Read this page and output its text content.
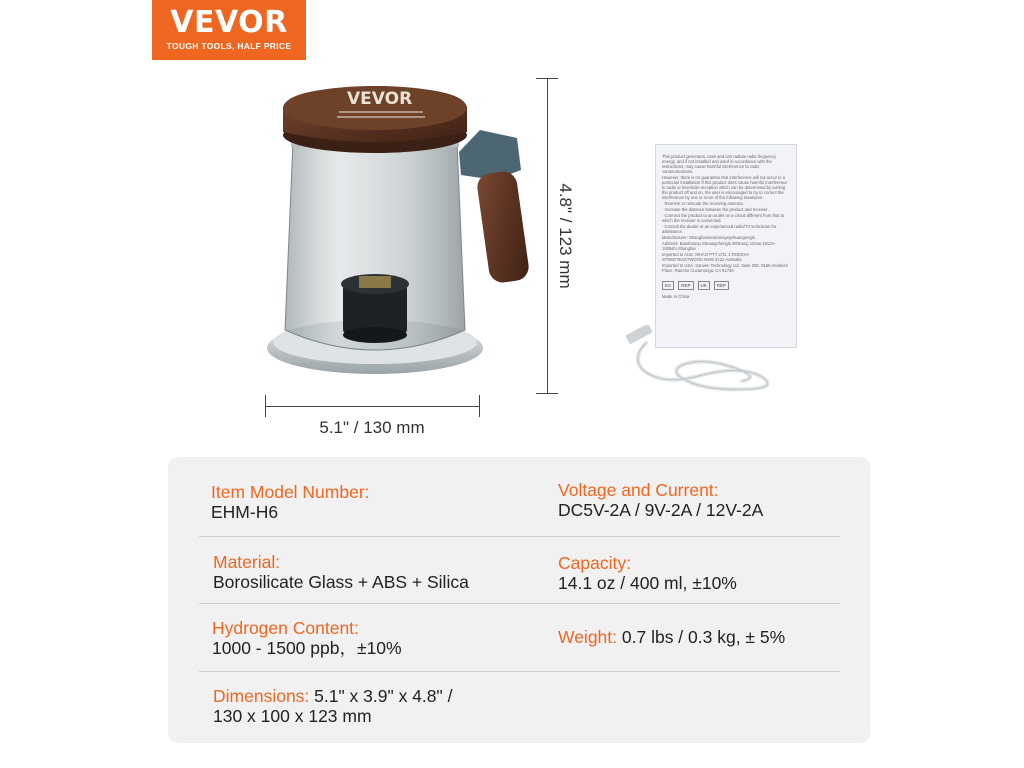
VEVOR
TOUGH TOOLS, HALF PRICE
VEVOR
5.1" / 130 mm
4.8" / 123 mm

This product generates, uses and can radiate radio frequency energy, and if not installed and used in accordance with the instructions, may cause harmful interference to radio communications.

However, there is no guarantee that interference will not occur in a particular installation If this product does cause harmful interference to radio or television reception which can be determined by turning the product off and on, the user is encouraged to try to correct the interference by one or more of the following measures:

· Reorient or relocate the receiving antenna.

· Increase the distance between the product and receiver.

· Connect the product to an outlet on a circuit different from that to which the receiver is connected.

· Consult the dealer or an experienced radio/TV technician for assistance.

Manufacturer: Shanghaimeixinmayeyekuangongsi

Address: Baoshanqu Shuangchenglu 803nong 11hao 1812A-1809shi Shanghai

Imported to AUS: SIHAO PTY LTD. 1 ROKEVA STREETEASTWOOD NSW 2122 Australia

Imported to USA: Sanven Technology Ltd. Suite 250, 9166 Anaheim Place, Rancho Cucamonga, CA 91730

EC	REP	UK	REP

Made In China

Item Model Number:
EHM-H6
Voltage and Current:
DC5V-2A / 9V-2A / 12V-2A
Material:
Borosilicate Glass + ABS + Silica
Capacity:
14.1 oz / 400 ml, ±10%
Hydrogen Content:
1000 - 1500 ppb，±10%
Weight: 0.7 lbs / 0.3 kg, ± 5%
Dimensions: 5.1" x 3.9" x 4.8" /
130 x 100 x 123 mm
